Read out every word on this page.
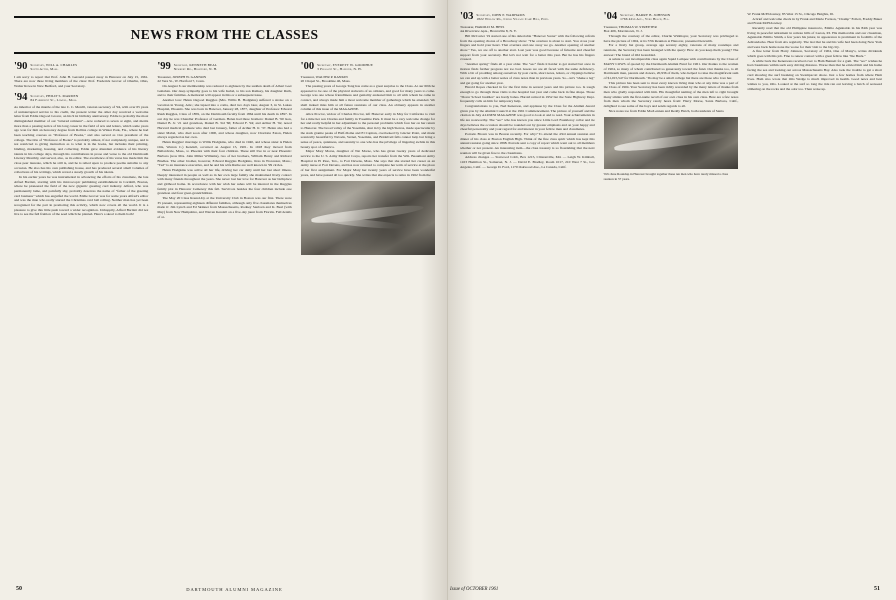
NEWS FROM THE CLASSES
'90 Secretary, WILL A. CHARLES
South Acton, Mass.

I am sorry to report that Prof. John H. Gerould passed away in Hanover on July 15, 1961. There are now three living members of the class: Prof. Frederick Grover of Oberlin, Ohio, Walter Rowe in New Bedford, and your Secretary.

'94 Secretary, PHILIP S. MARDEN
84 Fairmount St., Lowell, Mass.

As inheritor of the mantle of the late C. C. Merrill, veteran secretary of '94, with over 65 years of uninterrupted service to his credit, the present writer the other day received a welcome letter from Eddie Osgood Grover, on his 91st birthday anniversary. Eddie is probably the most distinguished member of our "tattered remnant"—now reduced to seven or eight, and merits more than a passing notice of his long career in the field of arts and letters, which some years ago won for him an honorary degree from Rollins college in Winter Park, Fla., where he had been teaching courses as "Professor of Books," and also served as vice president of the college. The title of "Professor of Books" is probably almost, if not completely, unique, and is not restricted to giving instruction as to what is in the books, but includes their printing, binding, marketing, housing, and collecting. Eddie gave abundant evidence of his literary talents in his college days, through his contributions in prose and verse to the old Dartmouth Literary Monthly, and served, also, as its editor. The excellence of his verse has made him the close peer laureate, which he still is, and he is relied upon to produce poems suitable to any occasion. He also has his own publishing house, and has produced several small volumes of collections of his writings, which reveal a steady growth of his talents.

In his earlier years he was instrumental in advancing the efforts of his classmate, the late Alfred Bartlett, starting with his microscopic publishing establishment in Cornhill, Boston, where he pioneered the field of the now gigantic greeting card industry. Alfred, who was permanently lame, and painfully shy, probably deserves the name of "father of the greeting card business" which has engulfed the world. Eddie Grover was for some years Alfred's editor and was the man who really started the Christmas card ball rolling. Neither man has yet been recognized for the part in promoting this activity, which now covers all the world. It is a pleasure to give this little push toward a wider recognition. Unhappily, Alfred Bartlett did not live to see the full fruition of the seed which he planted. Here's a skoal to them both!

'99 Secretary, KENNETH BEAL
Newbury Rd., Bradford, N. H.

Treasurer, JOSEPH W. GANNON

22 Vera St., W. Hartford 7, Conn.

On August 6 our membership was reduced to eighteen by the sudden death of Albert Leet Gahaban. Our deep sympathy goes to his wife Isabel, to his son Ramsey, his daughter Ruth, and to their families. A memorial will appear in this or a subsequent issue.

Another loss: Helen Osgood Ruggles (Mrs. Willis B. Hodgkins) suffered a stroke on a vacation in Young, Ariz.; she lapsed into a coma, died two days later, August 3, in St. Lukes Hospital, Phoenix. She was born in Hanover, January 28, 1877, daughter of Professor Edward Rush Ruggles, Class of 1859, on the Dartmouth faculty from 1864 until his death in 1897. In our day he was Chandler Professor of German. Helen had three brothers: Daniel B. '90 lson, Daniel B. Jr. '21 and grandson, Daniel B. 3rd '66; Edward F. '94; and Arthur H. '92, noted Harvard medical graduate who died last January, father of Arthur H. Jr. '37. Helen also had a sister Mabel, who died soon after 1900, and whose daughter, now Charlotte Eaton, Helen always regarded as her own.

Helen Ruggles' marriage to Willis Hodgkins, who died in 1940, and whose sister is Helen Otis, Warren C.) Kendall, occurred on August 15, 1901. In 1918 they moved from Ballardvale, Mass., to Phoenix with their four children. These still live in or near Phoenix: Barbara (now Mrs. John Miller Williams), two of her brothers, William Henry and Richard Bradlee. The other brother, however, Edward Ruggles Hodgkins, lives in Worcester, Mass.; "Ted" is an insurance executive, and he and his wife Ruthe are well known in '99 circles.

Helen Hodgkins was active all her life, driving her car daily until her last short illness. Deeply interested in people as well as in her own large family she maintained lively contact with many friends throughout the years. She never lost her love for Hanover as her birthplace and girlhood home. In accordance with her wish her ashes will be interred in the Ruggles family plot in Hanover Cemetery this fall. Survivors besides the four children include one grandson and four great-grandchildren.

The May 20 Class Round-Up at the University Club in Boston was our first. There were 35 present, representing eighteen different families, although only five classmates themselves made it: Jim Lynch and Ed Skinner from Massachusetts, Rodney Sanborn and K. Beal (with May) from New Hampshire, and Warren Kendall on a five-day jaunt from Florida. Full details of at-

'00 Secretary, EVERETT W. GOODHUE
3 Pleasant St., Hanover, N. H.

Treasurer, WALTER P. RANKIN

20 Chapel St., Brookline 46, Mass.

The passing years of George Tong has come as a great surprise to the Class. At our 60th he appeared to be one of the physical stalwarts of us oldsters, and good for many years to come. George was one whose friendliness and geniality endeared him to all with whom he came in contact, and always made him a most welcome member of gatherings which he attended. We shall indeed miss him at all future reunions of our class. An obituary appears in another column of this issue of the MAGAZINE.

Alice Proctor, widow of Charles Proctor, left Hanover early in May for California to visit for a time her son Charles and family in Yosemite Park. It must be a very welcome change for her and really helpful in her adjustment to the personal problems which face her on her return to Hanover. The broad valley of the Yosemite, shut in by the high Sierras, made spectacular by the stark granite peaks of Half-Dome and El Capitan, overlooked by Glacier Point, and made scenically beautiful by Nevada, Vernal, Yosemite, and Bridalveil falls cannot help but bring a sense of peace, quietness, and serenity to one who has the privilege of lingering awhile in this beauty spot of America.

Major Mary Morse, daughter of Nat Morse, who has given twenty years of dedicated service to the U. S. Army Medical Corps, reports her transfer from the Wm. Beaumont Army Hospital in El Paso, Tex., to Fort Devens, Mass. She says that she started her career as an Army nurse at Fort Devens, and has now returned to complete her term of service at the place of her first assignment. For Major Mary her twenty years of service have been wonderful years, and have passed all too quickly. She writes that she expects to retire in 1962 from the

50	DARTMOUTH ALUMNI MAGAZINE
'03 Secretary, JOHN P. WADHAMS
1822 Willow Rd., Cedar Village Camp Hill, Penn.

Treasurer, HAROLD M. HESS

4A Riverview Apts., Bronxville 8, N. Y.

Bill McCarter '19 started one of his delectable "Hanover Scene" with the following refrain from the opening chorus of a Broadway show: "The overture is about to start. You cross your fingers and hold your heart. That overture and one away we go. Another opening of another show." Yes, we are off to another start. Last year was good because of fulsome and cheerful support from your secretary. But let's not wait for a better this year. But he has his fingers crossed.

"Another spring" finds all a year older. The "sec" finds it harder to get started but once in motion finds further progress not too bad. Guess we are all faced with the same deficiency. With a bit of prodding among ourselves by post cards, short notes, letters, or clippings believe we can end up with a better series of class notes than in previous years. So—let's "shake a leg" and get going for another year.

Harold Ropes checked in for the first time in several years and his picture too. Is tough enough to go through three visits to the hospital last year and come back in fine shape. Those "Dover School buddies" are hardy babes. Harold retired in 1952 but the State Highway Dept. frequently calls on him for temporary help.

Congratulations to you, Ned Kenerson, and applause by the Class for the Alumni Award given you by the Alumni Council at the 1961 Commencement. The picture of yourself and the citation in July ALUMNI MAGAZINE was good to look at and to read. Your achievements in life are noteworthy. The "sec" who has known you since Little Lord Fauntleroy collar and tie days believes the occasion should be rounded out by greater emphasis and on your happy and cheerful personality and your regard for and interest in your fellow men and classmates.

Porrado Brown was in Boston recently. For why? To attend the 43rd annual reunion and dinner of his class at Boston English High. Think of the fine class spirit which has kept this annual reunion going since 1898. Porrade sent a copy of report which went out to all members whether or not present. An interesting item—the class treasury is so flourishing that the next reunion will be given free to the classmates.

Address changes — Starwood Cobb, Box 1215, Clintonville, Md. — Leigh W. Kimball, 1163 Hamilton St., Somerset, N. J. — David E. Bradley, Room 1017, 210 West 7 St., Los Angeles, Calif. — George D. Ford, 1170 Oakwood Ave., La Canada, Calif.

'04 Secretary, HARRY B. JOHNSON
1766 42nd Ave., Vero Beach, Fla.

Treasurer, THOMAS W. STREETER

Box 406, Morristown, N. J.

Through the courtesy of the editor, Charlie Widmayer, your Secretary was privileged to have the picture of 1904, at its 57th Reunion at Hanover, presented herewith.

For a lively but group, average age seventy eighty, veterans of many roundups and reunions, the Secretary has been besieged with the query: How do you keep them young? The answer: The brand of Old Granddad.

A salute to our incomparable class again Squid Lampee with contributions by the Class of MANY COWS of quoted by the Dartmouth Alumni Fund for 1961. Our thanks to the women of 1904, so many of whom contributed so generously toward the fund. Our thanks too, to all Dartmouth men, parents and donors, 20,936 of them, who helped to raise the magnificent sum of $1,015,547 for Dartmouth. 'Tis may be a small college but there are those who love her.

This picture has been sent to most every known living man who at any time was a part of the Class of 1904. Your Secretary has been richly rewarded by the many letters of thanks from men who gladly responded with him. His thoughtful naming of the men left to right brought many smiles with the first-name recall of our own class in his own class. Here are a few notes from men whom the Secretary rarely hears from: Harry Morse, Santa Barbara, Calif., delighted to see some of the boys and sends regards to all.

Nice notes too from Eddie MacLennan and Reddy Hatch, both residents of Santa

'04's June Roundup in Hanover brought together these ten men who have rarely missed a class reunion in 57 years.

W. Frank McEldowney, 85 West 15 St., Chicago Heights, Ill.

A brief and welcome check in by Frank and Marie Fortson, "Champ" Follett, Freddy Baker and Frank McEldowney.

Recently read that the old Philippine insurrecto, Emilio Aguinaldo in his 84th year was living in peaceful retirement in remote hills of Luzon, P.I. His memorable and our classmate, Aguinaldo Emilio Smith, a few years his junior, in appearance is prominent in foothills of the Adirondacks. Hear from AG regularly. The last that he and his wife had been doing New York and were back home none the worse for their visit to the big city.

A fine letter from Harry Johnson, Secretary of 1904, One of Many's, writes dividends which goes with this job. Fine to renew contact with a great fellow like "the Buck."

A while back the Kenersons received over to Ham Bennett for a gam. The "sec" wishes he had classmates within such easy driving distance. Worse than that he envied him and his home facing the sea and looking out across Massachusetts Bay. Also took the trouble to get a short card showing the surf breaking on Swampscott shore. Just a few homes from where Ham lives. Ham also wrote that Otis Wedge is much improved in health. Good news and best wishes to you, Otis. Looked at the surf so long the tide ran out leaving a batch of seaweed slithering on the rocks and the odor too. Then woke up.

Issue of OCTOBER 1961	51
